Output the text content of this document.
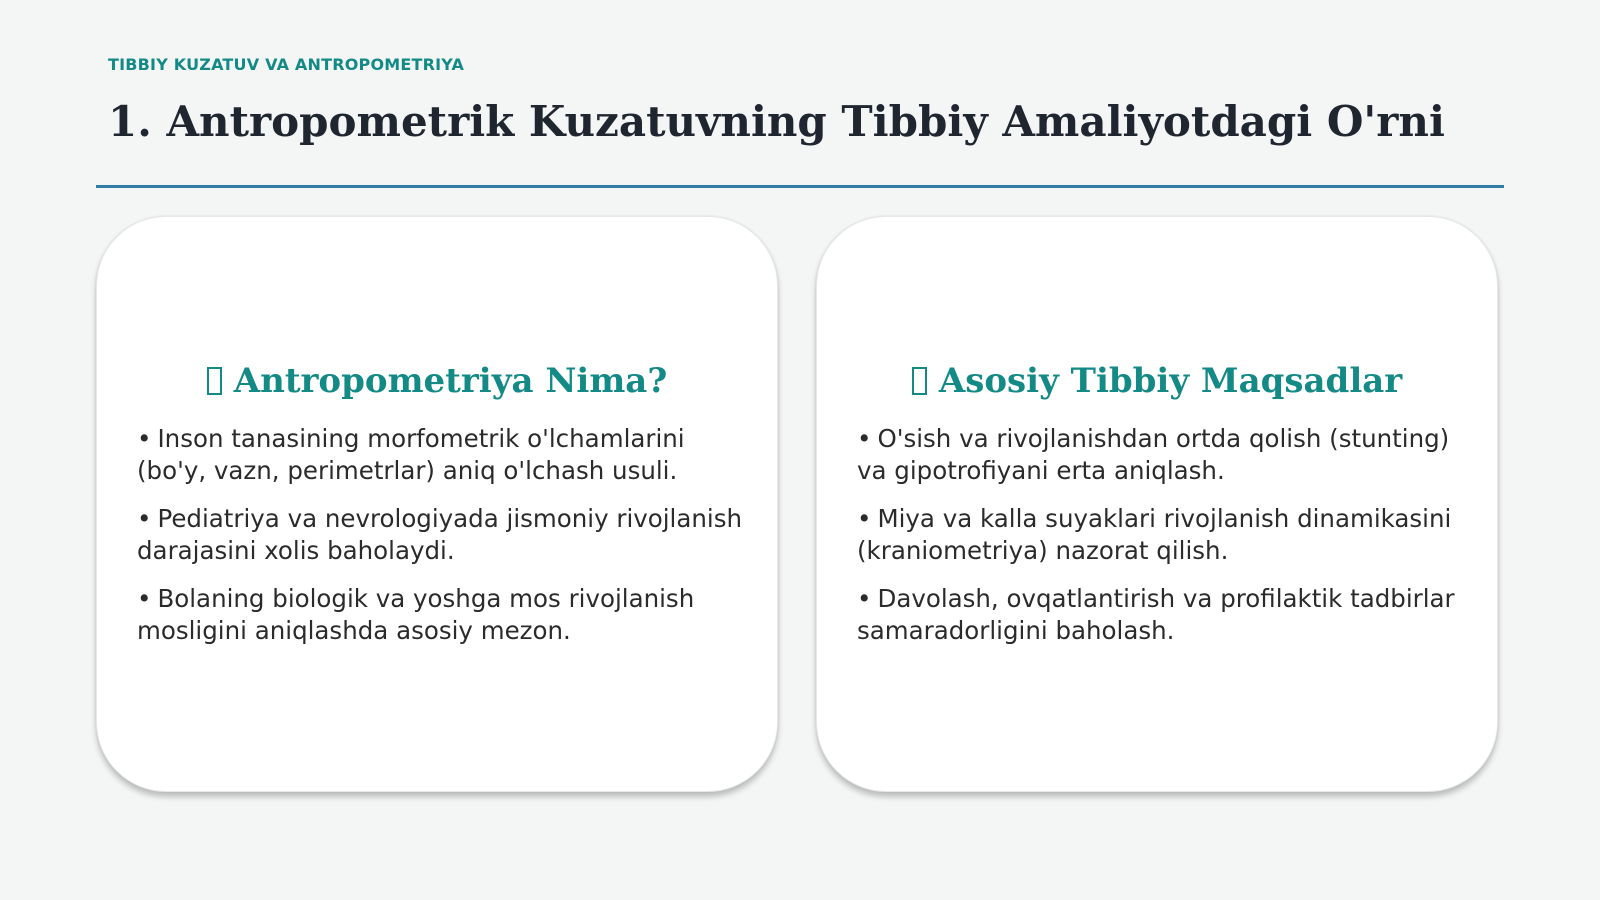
TIBBIY KUZATUV VA ANTROPOMETRIYA
1. Antropometrik Kuzatuvning Tibbiy Amaliyotdagi O'rni
Antropometriya Nima?
• Inson tanasining morfometrik o'lchamlarini (bo'y, vazn, perimetrlar) aniq o'lchash usuli.
• Pediatriya va nevrologiyada jismoniy rivojlanish darajasini xolis baholaydi.
• Bolaning biologik va yoshga mos rivojlanish mosligini aniqlashda asosiy mezon.
Asosiy Tibbiy Maqsadlar
• O'sish va rivojlanishdan ortda qolish (stunting) va gipotrofiyani erta aniqlash.
• Miya va kalla suyaklari rivojlanish dinamikasini (kraniometriya) nazorat qilish.
• Davolash, ovqatlantirish va profilaktik tadbirlar samaradorligini baholash.
